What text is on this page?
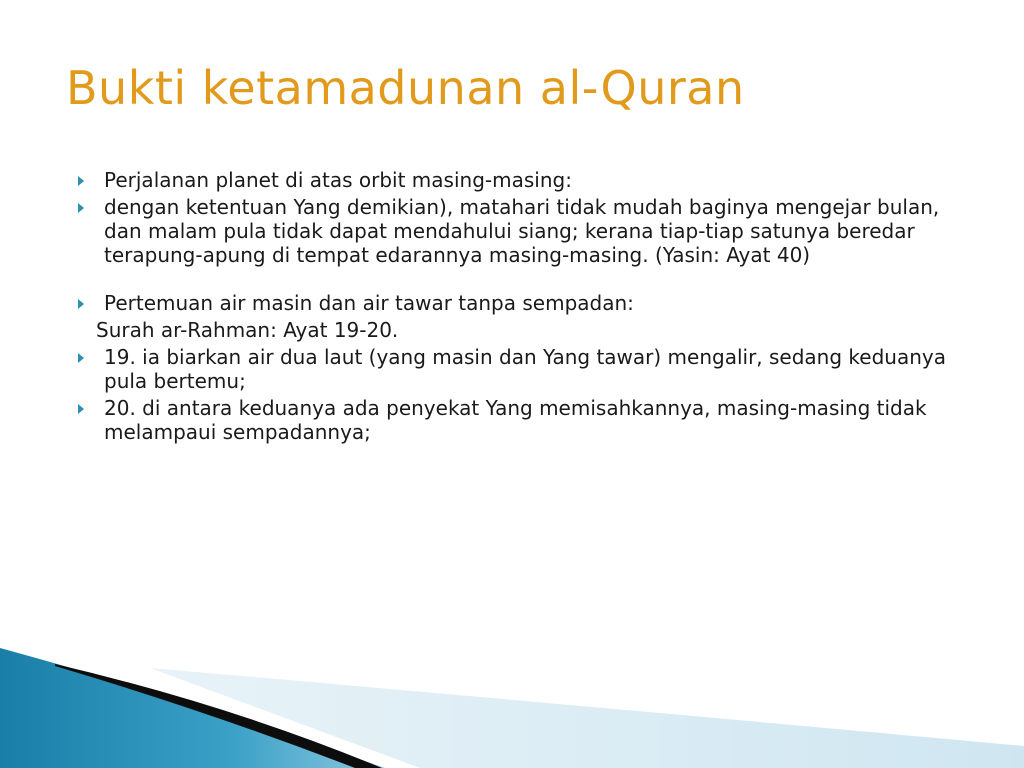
Bukti ketamadunan al-Quran
Perjalanan planet di atas orbit masing-masing:
dengan ketentuan Yang demikian), matahari tidak mudah baginya mengejar bulan, dan malam pula tidak dapat mendahului siang; kerana tiap-tiap satunya beredar terapung-apung di tempat edarannya masing-masing. (Yasin: Ayat 40)
Pertemuan air masin dan air tawar tanpa sempadan:
Surah ar-Rahman: Ayat 19-20.
19. ia biarkan air dua laut (yang masin dan Yang tawar) mengalir, sedang keduanya pula bertemu;
20. di antara keduanya ada penyekat Yang memisahkannya, masing-masing tidak melampaui sempadannya;
